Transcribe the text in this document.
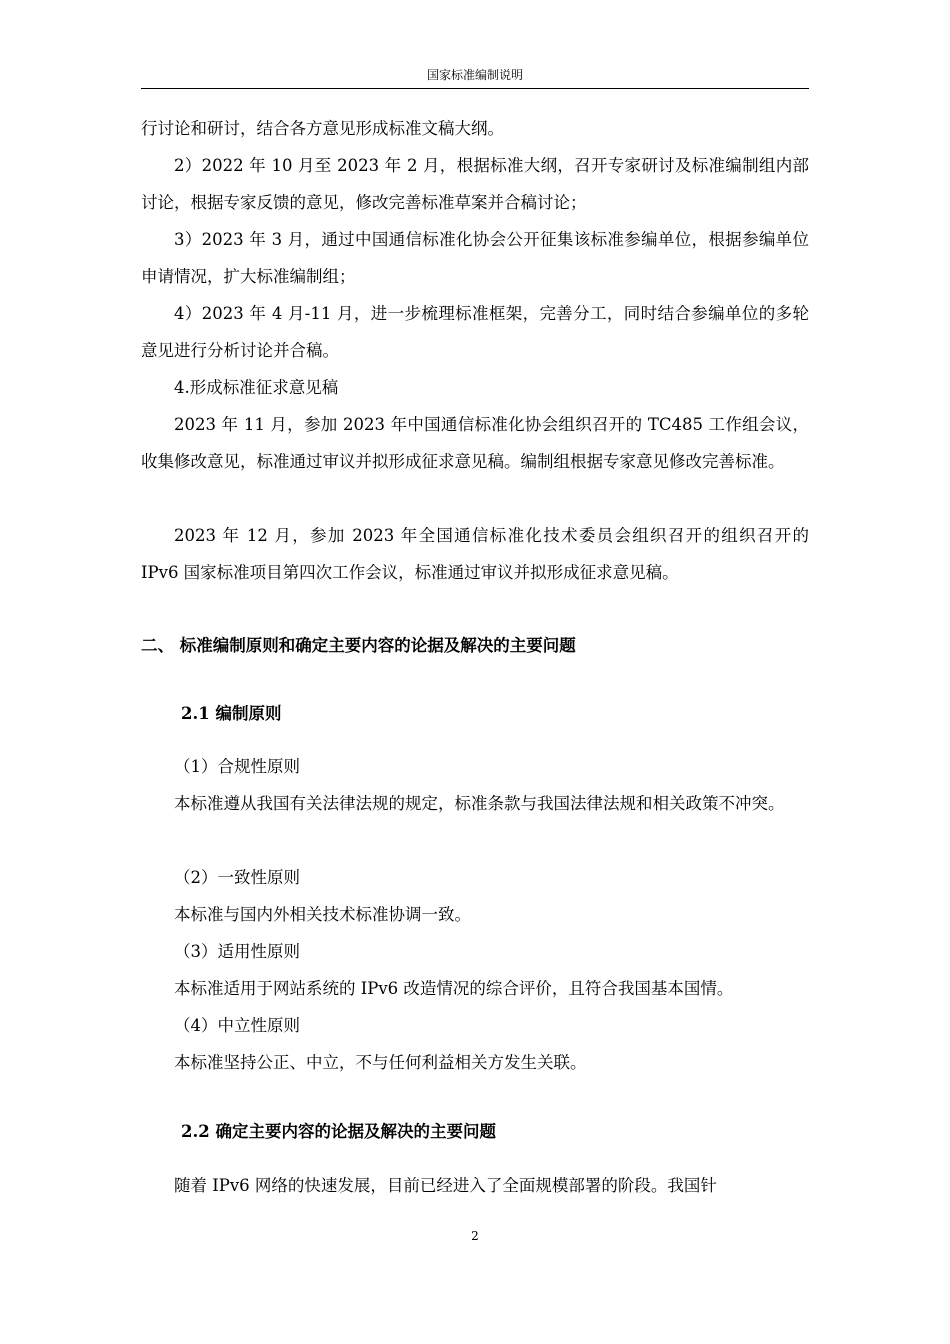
国家标准编制说明
行讨论和研讨，结合各方意见形成标准文稿大纲。
2）2022 年 10 月至 2023 年 2 月，根据标准大纲，召开专家研讨及标准编制组内部讨论，根据专家反馈的意见，修改完善标准草案并合稿讨论；
3）2023 年 3 月，通过中国通信标准化协会公开征集该标准参编单位，根据参编单位申请情况，扩大标准编制组；
4）2023 年 4 月-11 月，进一步梳理标准框架，完善分工，同时结合参编单位的多轮意见进行分析讨论并合稿。
4.形成标准征求意见稿
2023 年 11 月，参加 2023 年中国通信标准化协会组织召开的 TC485 工作组会议，收集修改意见，标准通过审议并拟形成征求意见稿。编制组根据专家意见修改完善标准。
2023 年 12 月，参加 2023 年全国通信标准化技术委员会组织召开的组织召开的 IPv6 国家标准项目第四次工作会议，标准通过审议并拟形成征求意见稿。
二、 标准编制原则和确定主要内容的论据及解决的主要问题
2.1 编制原则
（1）合规性原则
本标准遵从我国有关法律法规的规定，标准条款与我国法律法规和相关政策不冲突。
（2）一致性原则
本标准与国内外相关技术标准协调一致。
（3）适用性原则
本标准适用于网站系统的 IPv6 改造情况的综合评价，且符合我国基本国情。
（4）中立性原则
本标准坚持公正、中立，不与任何利益相关方发生关联。
2.2 确定主要内容的论据及解决的主要问题
随着 IPv6 网络的快速发展，目前已经进入了全面规模部署的阶段。我国针
2
